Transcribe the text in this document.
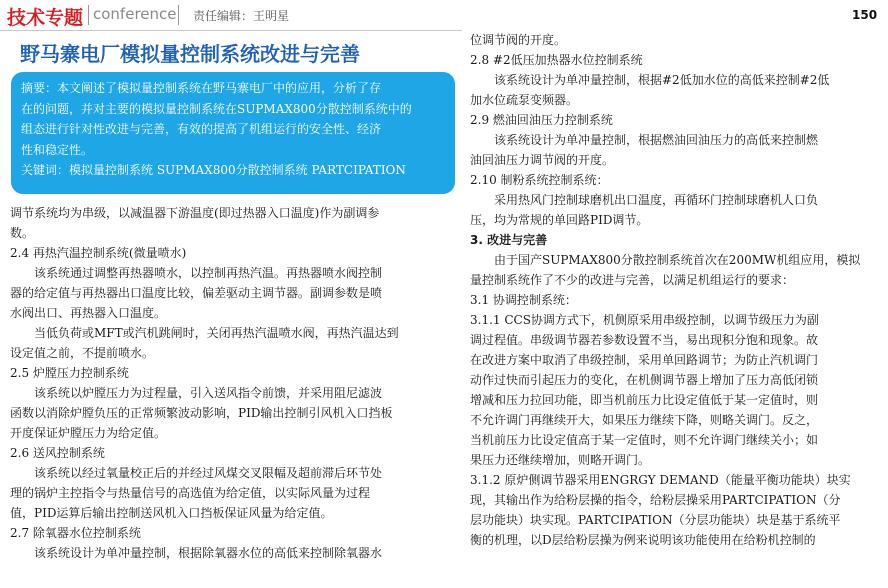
技术专题 conference 责任编辑：王明星	150
野马寨电厂模拟量控制系统改进与完善

摘要：本文阐述了模拟量控制系统在野马寨电厂中的应用，分析了存

在的问题，并对主要的模拟量控制系统在SUPMAX800分散控制系统中的

组态进行针对性改进与完善，有效的提高了机组运行的安全性、经济

性和稳定性。

关键词：模拟量控制系统 SUPMAX800分散控制系统 PARTCIPATION

调节系统均为串级，以减温器下游温度(即过热器入口温度)作为副调参
数。
2.4 再热汽温控制系统(微量喷水)
该系统通过调整再热器喷水，以控制再热汽温。再热器喷水阀控制
器的给定值与再热器出口温度比较，偏差驱动主调节器。副调参数是喷
水阀出口、再热器入口温度。
当低负荷或MFT或汽机跳闸时，关闭再热汽温喷水阀，再热汽温达到
设定值之前，不提前喷水。
2.5 炉膛压力控制系统
该系统以炉膛压力为过程量，引入送风指令前馈，并采用阻尼滤波
函数以消除炉膛负压的正常频繁波动影响，PID输出控制引风机入口挡板
开度保证炉膛压力为给定值。
2.6 送风控制系统
该系统以经过氧量校正后的并经过风煤交叉限幅及超前滞后环节处
理的锅炉主控指令与热量信号的高选值为给定值，以实际风量为过程
值，PID运算后输出控制送风机入口挡板保证风量为给定值。
2.7 除氧器水位控制系统
该系统设计为单冲量控制，根据除氧器水位的高低来控制除氧器水
位调节阀的开度。
2.8 #2低压加热器水位控制系统
该系统设计为单冲量控制，根据#2低加水位的高低来控制#2低
加水位疏泵变频器。
2.9 燃油回油压力控制系统
该系统设计为单冲量控制，根据燃油回油压力的高低来控制燃
油回油压力调节阀的开度。
2.10 制粉系统控制系统：
采用热风门控制球磨机出口温度，再循环门控制球磨机人口负
压，均为常规的单回路PID调节。
3. 改进与完善
由于国产SUPMAX800分散控制系统首次在200MW机组应用，模拟
量控制系统作了不少的改进与完善，以满足机组运行的要求：
3.1 协调控制系统：
3.1.1 CCS协调方式下，机侧原采用串级控制，以调节级压力为副
调过程值。串级调节器若参数设置不当，易出现积分饱和现象。故
在改进方案中取消了串级控制，采用单回路调节；为防止汽机调门
动作过快而引起压力的变化，在机侧调节器上增加了压力高低闭锁
增减和压力拉回功能，即当机前压力比设定值低于某一定值时，则
不允许调门再继续开大，如果压力继续下降，则略关调门。反之，
当机前压力比设定值高于某一定值时，则不允许调门继续关小；如
果压力还继续增加，则略开调门。
3.1.2 原炉侧调节器采用ENGRGY DEMAND（能量平衡功能块）块实
现，其输出作为给粉层操的指令，给粉层操采用PARTCIPATION（分
层功能块）块实现。PARTCIPATION（分层功能块）块是基于系统平
衡的机理，以D层给粉层操为例来说明该功能使用在给粉机控制的
